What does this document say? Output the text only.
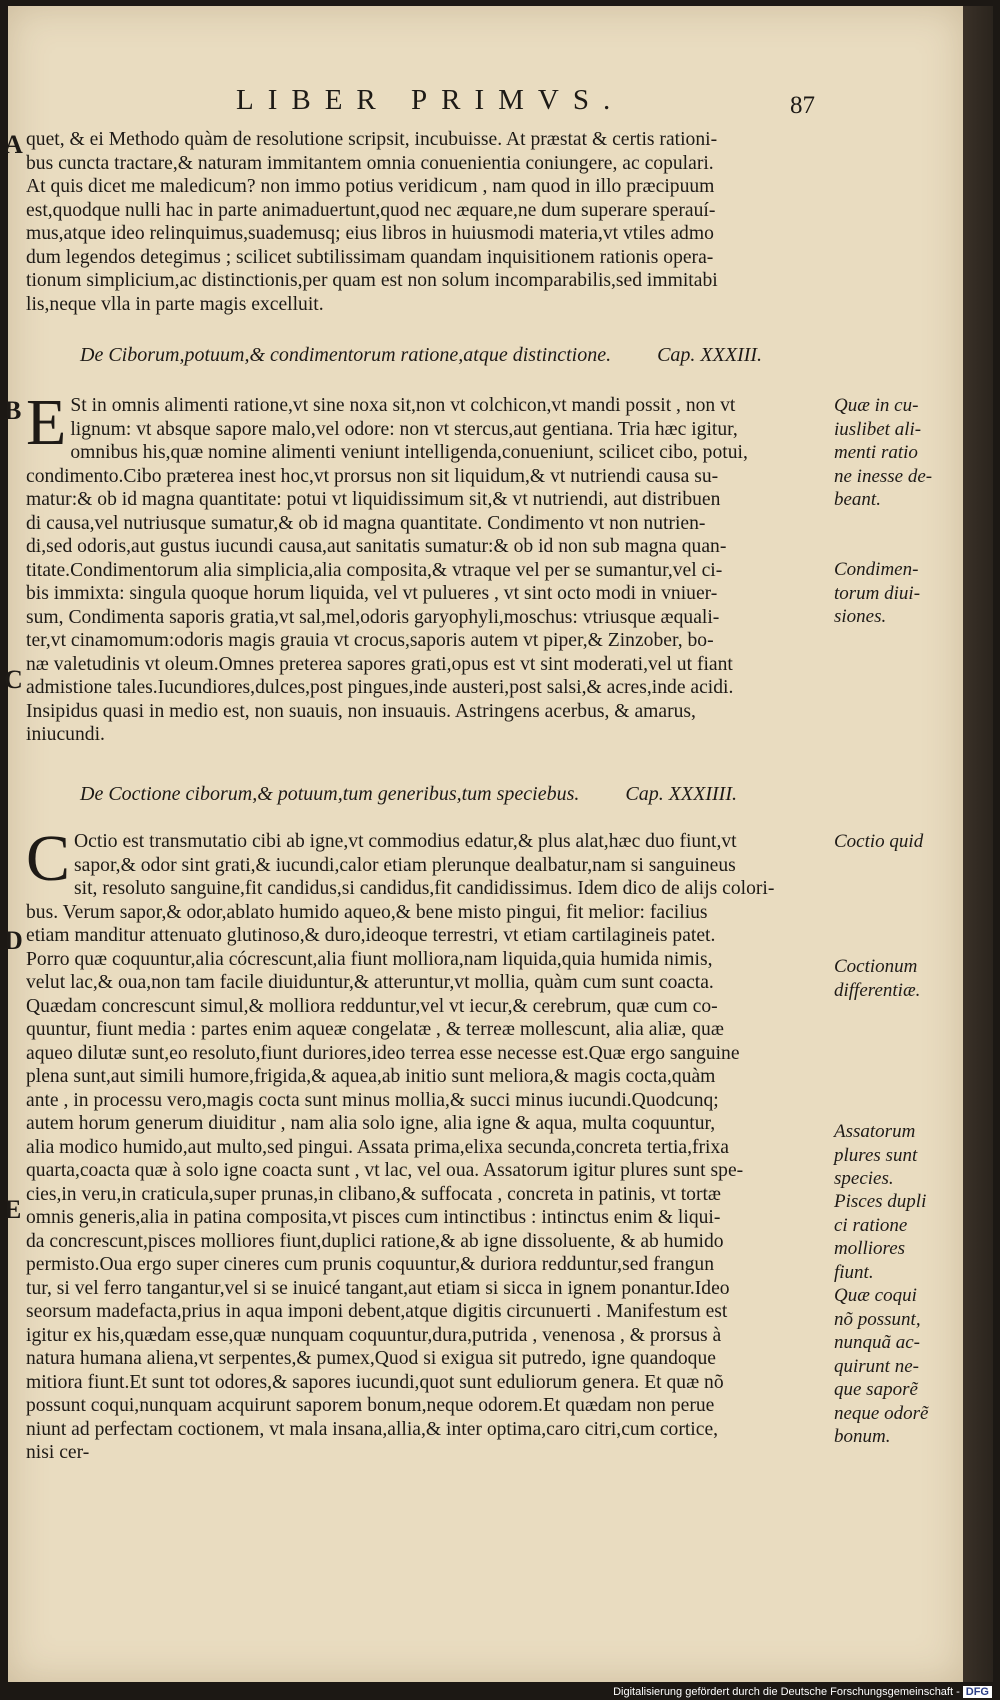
LIBER PRIMVS.	87
quet, & ei Methodo quàm de resolutione scripsit, incubuisse. At præstat & certis rationi-
bus cuncta tractare,& naturam immitantem omnia conuenientia coniungere, ac copulari.
At quis dicet me maledicum? non immo potius veridicum , nam quod in illo præcipuum
est,quodque nulli hac in parte animaduertunt,quod nec æquare,ne dum superare sperauí-
mus,atque ideo relinquimus,suademusq; eius libros in huiusmodi materia,vt vtiles admo
dum legendos detegimus ; scilicet subtilissimam quandam inquisitionem rationis opera-
tionum simplicium,ac distinctionis,per quam est non solum incomparabilis,sed immitabi
lis,neque vlla in parte magis excelluit.
De Ciborum,potuum,& condimentorum ratione,atque distinctione. Cap. XXXIII.
E St in omnis alimenti ratione,vt sine noxa sit,non vt colchicon,vt mandi possit , non vt
lignum: vt absque sapore malo,vel odore: non vt stercus,aut gentiana. Tria hæc igitur,
omnibus his,quæ nomine alimenti veniunt intelligenda,conueniunt, scilicet cibo, potui,
condimento.Cibo præterea inest hoc,vt prorsus non sit liquidum,& vt nutriendi causa su-
matur:& ob id magna quantitate: potui vt liquidissimum sit,& vt nutriendi, aut distribuen
di causa,vel nutriusque sumatur,& ob id magna quantitate. Condimento vt non nutrien-
di,sed odoris,aut gustus iucundi causa,aut sanitatis sumatur:& ob id non sub magna quan-
titate.Condimentorum alia simplicia,alia composita,& vtraque vel per se sumantur,vel ci-
bis immixta: singula quoque horum liquida, vel vt pulueres , vt sint octo modi in vniuer-
sum, Condimenta saporis gratia,vt sal,mel,odoris garyophyli,moschus: vtriusque æquali-
ter,vt cinamomum:odoris magis grauia vt crocus,saporis autem vt piper,& Zinzober, bo-
næ valetudinis vt oleum.Omnes preterea sapores grati,opus est vt sint moderati,vel ut fiant
admistione tales.Iucundiores,dulces,post pingues,inde austeri,post salsi,& acres,inde acidi.
Insipidus quasi in medio est, non suauis, non insuauis. Astringens acerbus, & amarus,
iniucundi.
De Coctione ciborum,& potuum,tum generibus,tum speciebus. Cap. XXXIIII.
C Octio est transmutatio cibi ab igne,vt commodius edatur,& plus alat,hæc duo fiunt,vt
sapor,& odor sint grati,& iucundi,calor etiam plerunque dealbatur,nam si sanguineus
sit, resoluto sanguine,fit candidus,si candidus,fit candidissimus. Idem dico de alijs colori-
bus. Verum sapor,& odor,ablato humido aqueo,& bene misto pingui, fit melior: facilius
etiam manditur attenuato glutinoso,& duro,ideoque terrestri, vt etiam cartilagineis patet.
Porro quæ coquuntur,alia cócrescunt,alia fiunt molliora,nam liquida,quia humida nimis,
velut lac,& oua,non tam facile diuiduntur,& atteruntur,vt mollia, quàm cum sunt coacta.
Quædam concrescunt simul,& molliora redduntur,vel vt iecur,& cerebrum, quæ cum co-
quuntur, fiunt media : partes enim aqueæ congelatæ , & terreæ mollescunt, alia aliæ, quæ
aqueo dilutæ sunt,eo resoluto,fiunt duriores,ideo terrea esse necesse est.Quæ ergo sanguine
plena sunt,aut simili humore,frigida,& aquea,ab initio sunt meliora,& magis cocta,quàm
ante , in processu vero,magis cocta sunt minus mollia,& succi minus iucundi.Quodcunq;
autem horum generum diuiditur , nam alia solo igne, alia igne & aqua, multa coquuntur,
alia modico humido,aut multo,sed pingui. Assata prima,elixa secunda,concreta tertia,frixa
quarta,coacta quæ à solo igne coacta sunt , vt lac, vel oua. Assatorum igitur plures sunt spe-
cies,in veru,in craticula,super prunas,in clibano,& suffocata , concreta in patinis, vt tortæ
omnis generis,alia in patina composita,vt pisces cum intinctibus : intinctus enim & liqui-
da concrescunt,pisces molliores fiunt,duplici ratione,& ab igne dissoluente, & ab humido
permisto.Oua ergo super cineres cum prunis coquuntur,& duriora redduntur,sed frangun
tur, si vel ferro tangantur,vel si se inuicé tangant,aut etiam si sicca in ignem ponantur.Ideo
seorsum madefacta,prius in aqua imponi debent,atque digitis circunuerti . Manifestum est
igitur ex his,quædam esse,quæ nunquam coquuntur,dura,putrida , venenosa , & prorsus à
natura humana aliena,vt serpentes,& pumex,Quod si exigua sit putredo, igne quandoque
mitiora fiunt.Et sunt tot odores,& sapores iucundi,quot sunt eduliorum genera. Et quæ nõ
possunt coqui,nunquam acquirunt saporem bonum,neque odorem.Et quædam non perue
niunt ad perfectam coctionem, vt mala insana,allia,& inter optima,caro citri,cum cortice,
nisi cer-
A
B
C
D
E
Quæ in cu-
iuslibet ali-
menti ratio
ne inesse de-
beant.
Condimen-
torum diui-
siones.
Coctio quid
Coctionum
differentiæ.
Assatorum
plures sunt
species.
Pisces dupli
ci ratione
molliores
fiunt.
Quæ coqui
nõ possunt,
nunquã ac-
quirunt ne-
que saporẽ
neque odorẽ
bonum.
Digitalisierung gefördert durch die Deutsche Forschungsgemeinschaft - DFG
